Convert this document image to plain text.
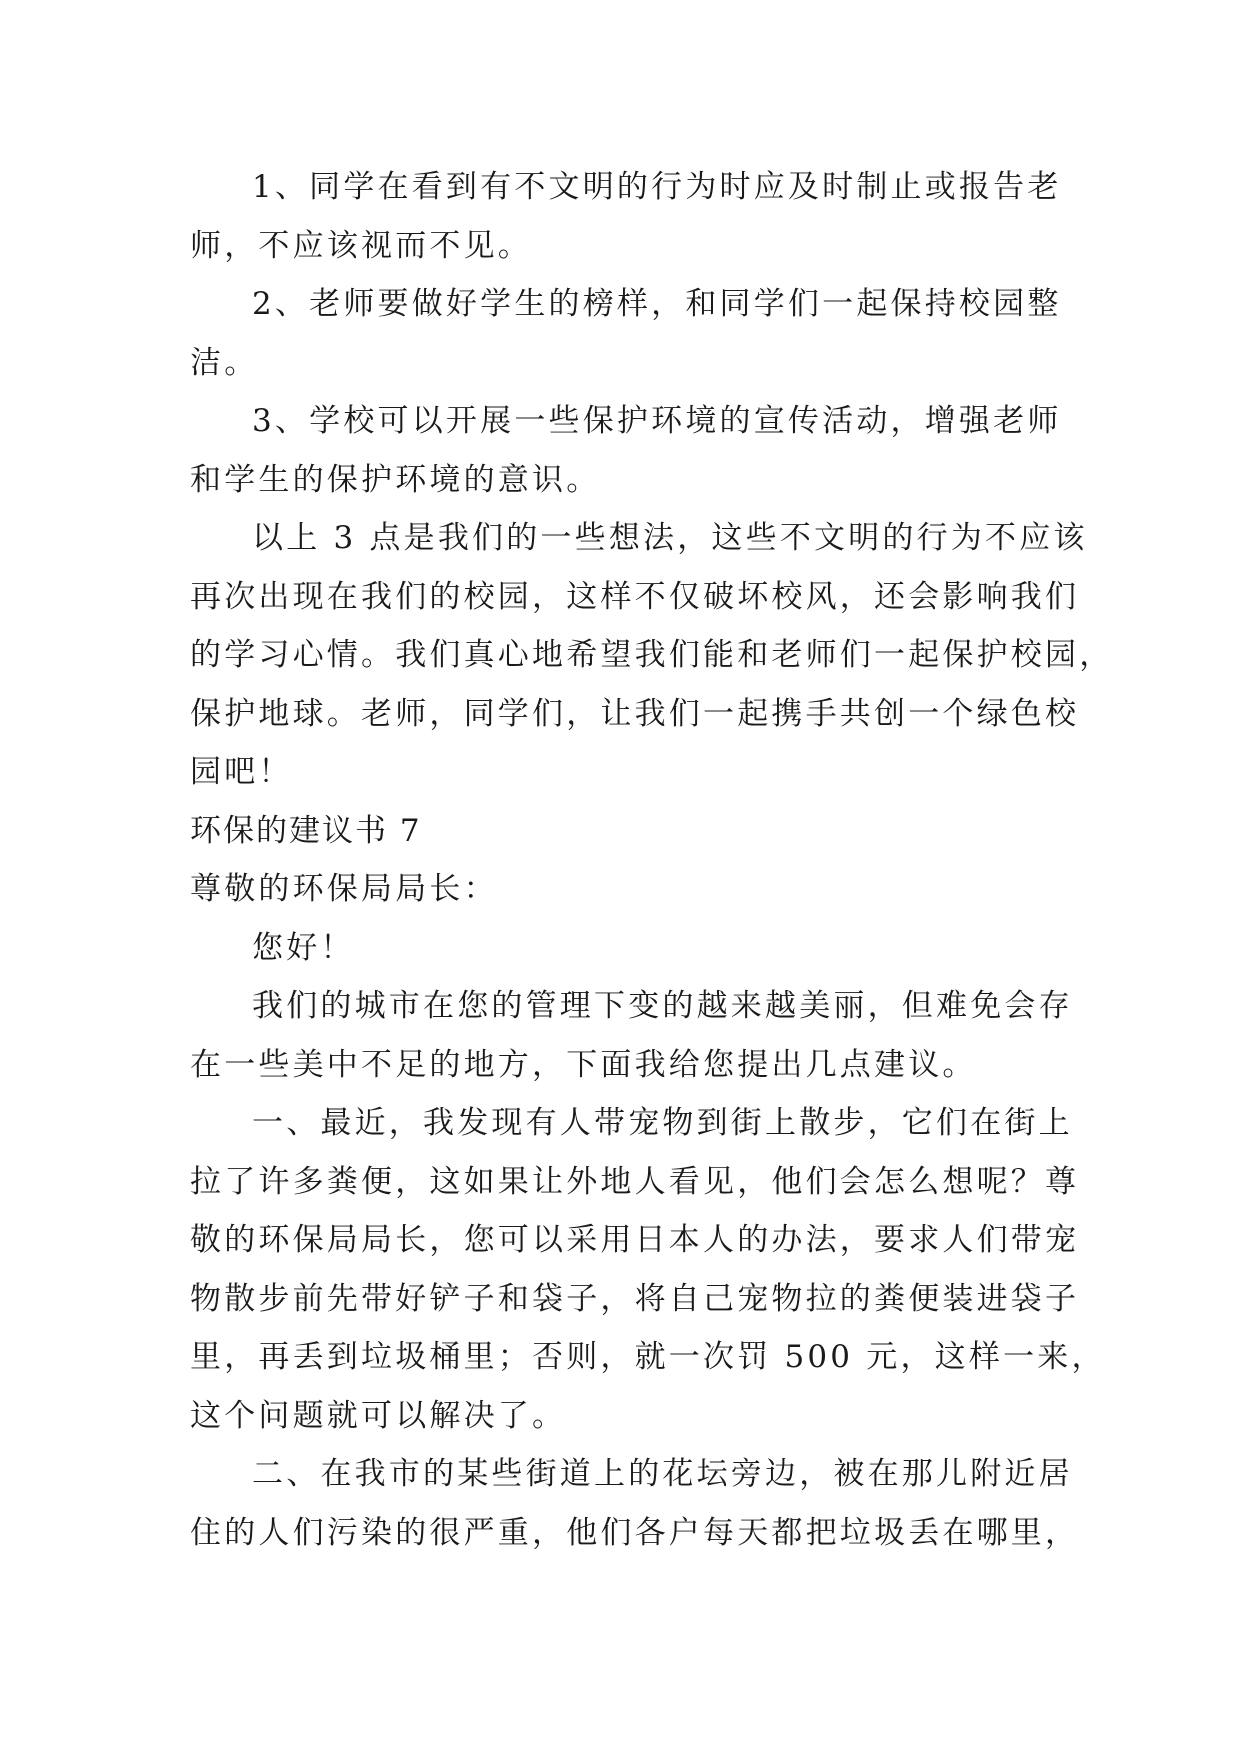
1、同学在看到有不文明的行为时应及时制止或报告老
师，不应该视而不见。
2、老师要做好学生的榜样，和同学们一起保持校园整
洁。
3、学校可以开展一些保护环境的宣传活动，增强老师
和学生的保护环境的意识。
以上 3 点是我们的一些想法，这些不文明的行为不应该
再次出现在我们的校园，这样不仅破坏校风，还会影响我们
的学习心情。我们真心地希望我们能和老师们一起保护校园，
保护地球。老师，同学们，让我们一起携手共创一个绿色校
园吧！
环保的建议书 7
尊敬的环保局局长：
您好！
我们的城市在您的管理下变的越来越美丽，但难免会存
在一些美中不足的地方，下面我给您提出几点建议。
一、最近，我发现有人带宠物到街上散步，它们在街上
拉了许多粪便，这如果让外地人看见，他们会怎么想呢？尊
敬的环保局局长，您可以采用日本人的办法，要求人们带宠
物散步前先带好铲子和袋子，将自己宠物拉的粪便装进袋子
里，再丢到垃圾桶里；否则，就一次罚 500 元，这样一来，
这个问题就可以解决了。
二、在我市的某些街道上的花坛旁边，被在那儿附近居
住的人们污染的很严重，他们各户每天都把垃圾丢在哪里，
